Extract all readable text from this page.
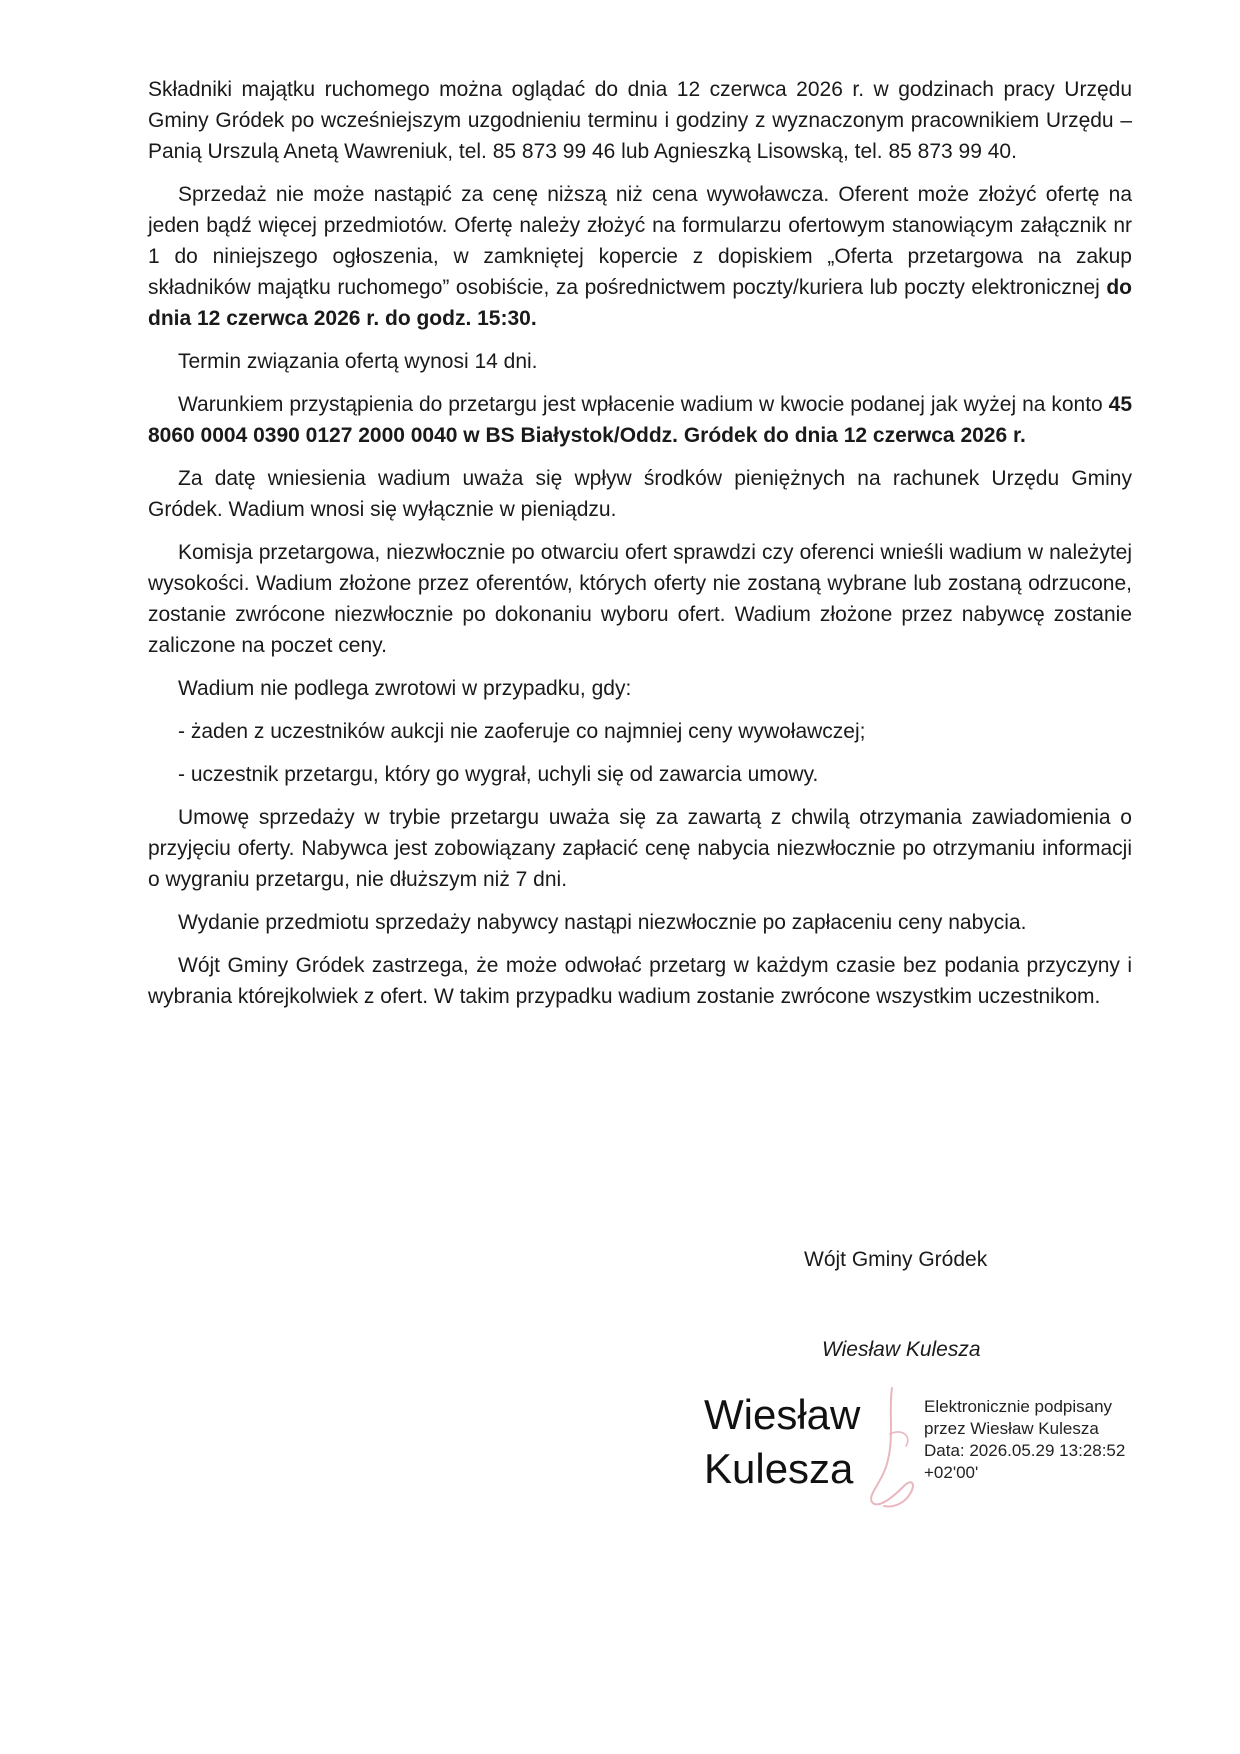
Składniki majątku ruchomego można oglądać do dnia 12 czerwca 2026 r. w godzinach pracy Urzędu Gminy Gródek po wcześniejszym uzgodnieniu terminu i godziny z wyznaczonym pracownikiem Urzędu – Panią Urszulą Anetą Wawreniuk, tel. 85 873 99 46 lub Agnieszką Lisowską, tel. 85 873 99 40.

Sprzedaż nie może nastąpić za cenę niższą niż cena wywoławcza. Oferent może złożyć ofertę na jeden bądź więcej przedmiotów. Ofertę należy złożyć na formularzu ofertowym stanowiącym załącznik nr 1 do niniejszego ogłoszenia, w zamkniętej kopercie z dopiskiem „Oferta przetargowa na zakup składników majątku ruchomego” osobiście, za pośrednictwem poczty/kuriera lub poczty elektronicznej do dnia 12 czerwca 2026 r. do godz. 15:30.

Termin związania ofertą wynosi 14 dni.

Warunkiem przystąpienia do przetargu jest wpłacenie wadium w kwocie podanej jak wyżej na konto 45 8060 0004 0390 0127 2000 0040 w BS Białystok/Oddz. Gródek do dnia 12 czerwca 2026 r.

Za datę wniesienia wadium uważa się wpływ środków pieniężnych na rachunek Urzędu Gminy Gródek. Wadium wnosi się wyłącznie w pieniądzu.

Komisja przetargowa, niezwłocznie po otwarciu ofert sprawdzi czy oferenci wnieśli wadium w należytej wysokości. Wadium złożone przez oferentów, których oferty nie zostaną wybrane lub zostaną odrzucone, zostanie zwrócone niezwłocznie po dokonaniu wyboru ofert. Wadium złożone przez nabywcę zostanie zaliczone na poczet ceny.

Wadium nie podlega zwrotowi w przypadku, gdy:

- żaden z uczestników aukcji nie zaoferuje co najmniej ceny wywoławczej;

- uczestnik przetargu, który go wygrał, uchyli się od zawarcia umowy.

Umowę sprzedaży w trybie przetargu uważa się za zawartą z chwilą otrzymania zawiadomienia o przyjęciu oferty. Nabywca jest zobowiązany zapłacić cenę nabycia niezwłocznie po otrzymaniu informacji o wygraniu przetargu, nie dłuższym niż 7 dni.

Wydanie przedmiotu sprzedaży nabywcy nastąpi niezwłocznie po zapłaceniu ceny nabycia.

Wójt Gminy Gródek zastrzega, że może odwołać przetarg w każdym czasie bez podania przyczyny i wybrania którejkolwiek z ofert. W takim przypadku wadium zostanie zwrócone wszystkim uczestnikom.

Wójt Gminy Gródek
Wiesław Kulesza
Wiesław
Kulesza
Elektronicznie podpisany
przez Wiesław Kulesza
Data: 2026.05.29 13:28:52
+02'00'
